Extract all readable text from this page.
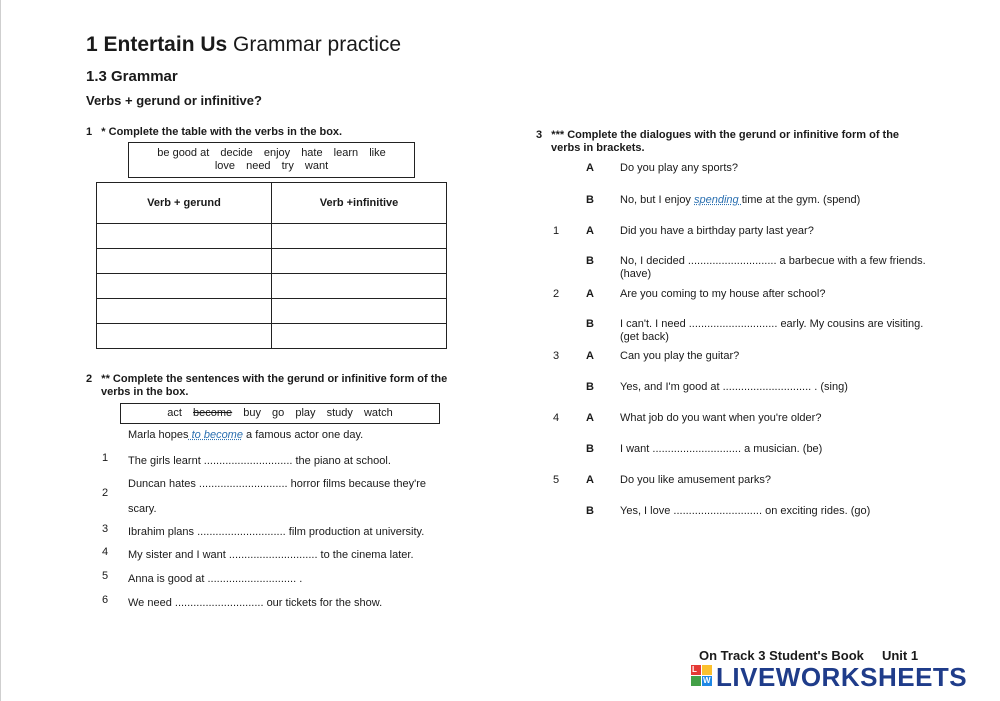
1 Entertain Us Grammar practice
1.3 Grammar
Verbs + gerund or infinitive?
1 * Complete the table with the verbs in the box.
be good at decide enjoy hate learn like
love need try want
Verb + gerund	Verb +infinitive

2 ** Complete the sentences with the gerund or infinitive form of the
verbs in the box.
act become buy go play study watch
Marla hopes to become a famous actor one day.
1 The girls learnt ............................. the piano at school.
2
Duncan hates ............................. horror films because they're
scary.
3 Ibrahim plans ............................. film production at university.
4 My sister and I want ............................. to the cinema later.
5 Anna is good at ............................. .
6 We need ............................. our tickets for the show.
3 *** Complete the dialogues with the gerund or infinitive form of the
verbs in brackets.
A Do you play any sports?
B No, but I enjoy spending time at the gym. (spend)
1 A Did you have a birthday party last year?
B No, I decided ............................. a barbecue with a few friends.
(have)
2 A Are you coming to my house after school?
B I can't. I need ............................. early. My cousins are visiting.
(get back)
3 A Can you play the guitar?
B Yes, and I'm good at ............................. . (sing)
4 A What job do you want when you're older?
B I want ............................. a musician. (be)
5 A Do you like amusement parks?
B Yes, I love ............................. on exciting rides. (go)
On Track 3 Student's Book Unit 1
L
W LIVEWORKSHEETS
